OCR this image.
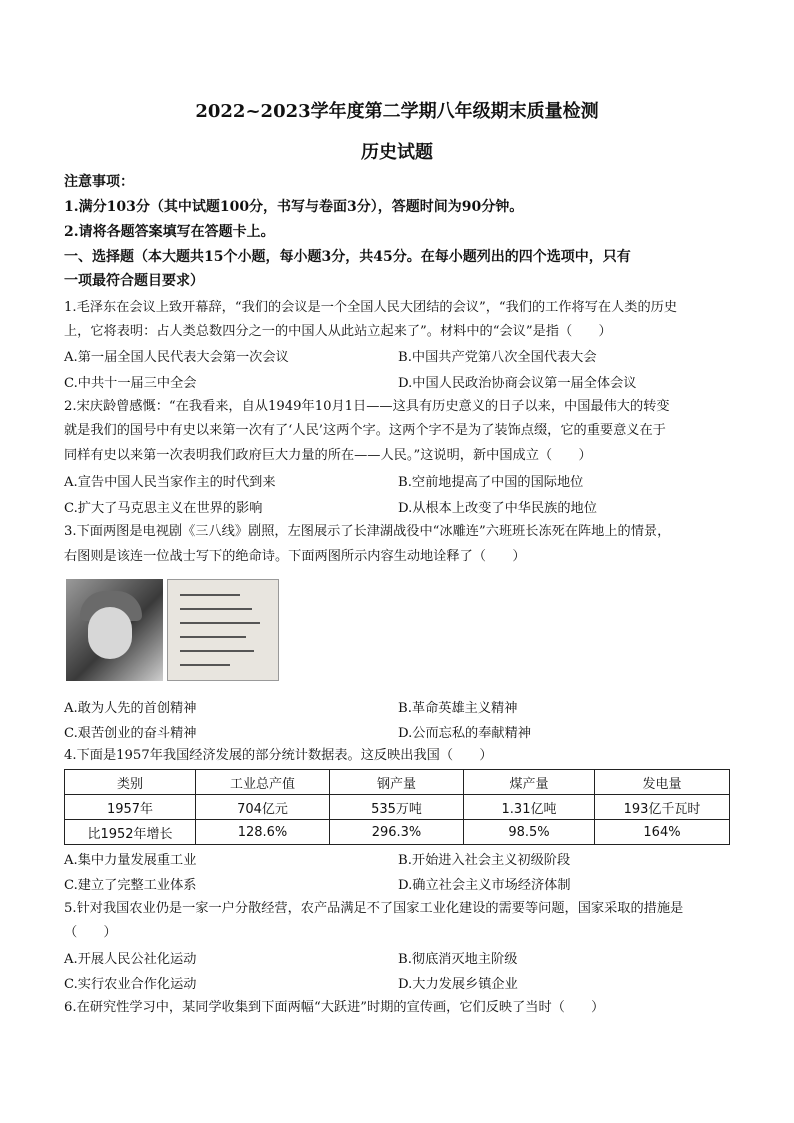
2022~2023学年度第二学期八年级期末质量检测
历史试题
注意事项：
1.满分103分（其中试题100分，书写与卷面3分），答题时间为90分钟。
2.请将各题答案填写在答题卡上。
一、选择题（本大题共15个小题，每小题3分，共45分。在每小题列出的四个选项中，只有
一项最符合题目要求）
1.毛泽东在会议上致开幕辞，“我们的会议是一个全国人民大团结的会议”，“我们的工作将写在人类的历史
上，它将表明：占人类总数四分之一的中国人从此站立起来了”。材料中的“会议”是指（　　）
A.第一届全国人民代表大会第一次会议	B.中国共产党第八次全国代表大会
C.中共十一届三中全会	D.中国人民政治协商会议第一届全体会议
2.宋庆龄曾感慨：“在我看来，自从1949年10月1日——这具有历史意义的日子以来，中国最伟大的转变
就是我们的国号中有史以来第一次有了‘人民’这两个字。这两个字不是为了装饰点缀，它的重要意义在于
同样有史以来第一次表明我们政府巨大力量的所在——人民。”这说明，新中国成立（　　）
A.宣告中国人民当家作主的时代到来	B.空前地提高了中国的国际地位
C.扩大了马克思主义在世界的影响	D.从根本上改变了中华民族的地位
3.下面两图是电视剧《三八线》剧照，左图展示了长津湖战役中“冰雕连”六班班长冻死在阵地上的情景，
右图则是该连一位战士写下的绝命诗。下面两图所示内容生动地诠释了（　　）
A.敢为人先的首创精神	B.革命英雄主义精神
C.艰苦创业的奋斗精神	D.公而忘私的奉献精神
4.下面是1957年我国经济发展的部分统计数据表。这反映出我国（　　）
类别	工业总产值	钢产量	煤产量	发电量
1957年	704亿元	535万吨	1.31亿吨	193亿千瓦时
比1952年增长	128.6%	296.3%	98.5%	164%
A.集中力量发展重工业	B.开始进入社会主义初级阶段
C.建立了完整工业体系	D.确立社会主义市场经济体制
5.针对我国农业仍是一家一户分散经营，农产品满足不了国家工业化建设的需要等问题，国家采取的措施是
（　　）
A.开展人民公社化运动	B.彻底消灭地主阶级
C.实行农业合作化运动	D.大力发展乡镇企业
6.在研究性学习中，某同学收集到下面两幅“大跃进”时期的宣传画，它们反映了当时（　　）
